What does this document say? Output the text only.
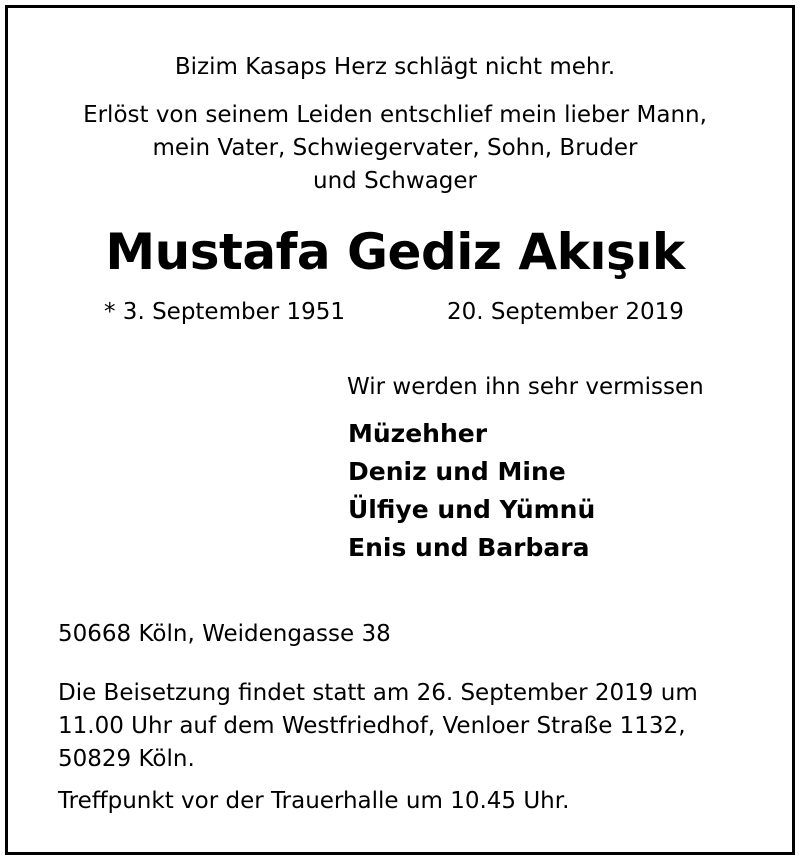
Bizim Kasaps Herz schlägt nicht mehr.
Erlöst von seinem Leiden entschlief mein lieber Mann,
mein Vater, Schwiegervater, Sohn, Bruder
und Schwager
Mustafa Gediz Akışık
* 3. September 1951	20. September 2019
Wir werden ihn sehr vermissen
Müzehher
Deniz und Mine
Ülfiye und Yümnü
Enis und Barbara
50668 Köln, Weidengasse 38
Die Beisetzung findet statt am 26. September 2019 um
11.00 Uhr auf dem Westfriedhof, Venloer Straße 1132,
50829 Köln.
Treffpunkt vor der Trauerhalle um 10.45 Uhr.
